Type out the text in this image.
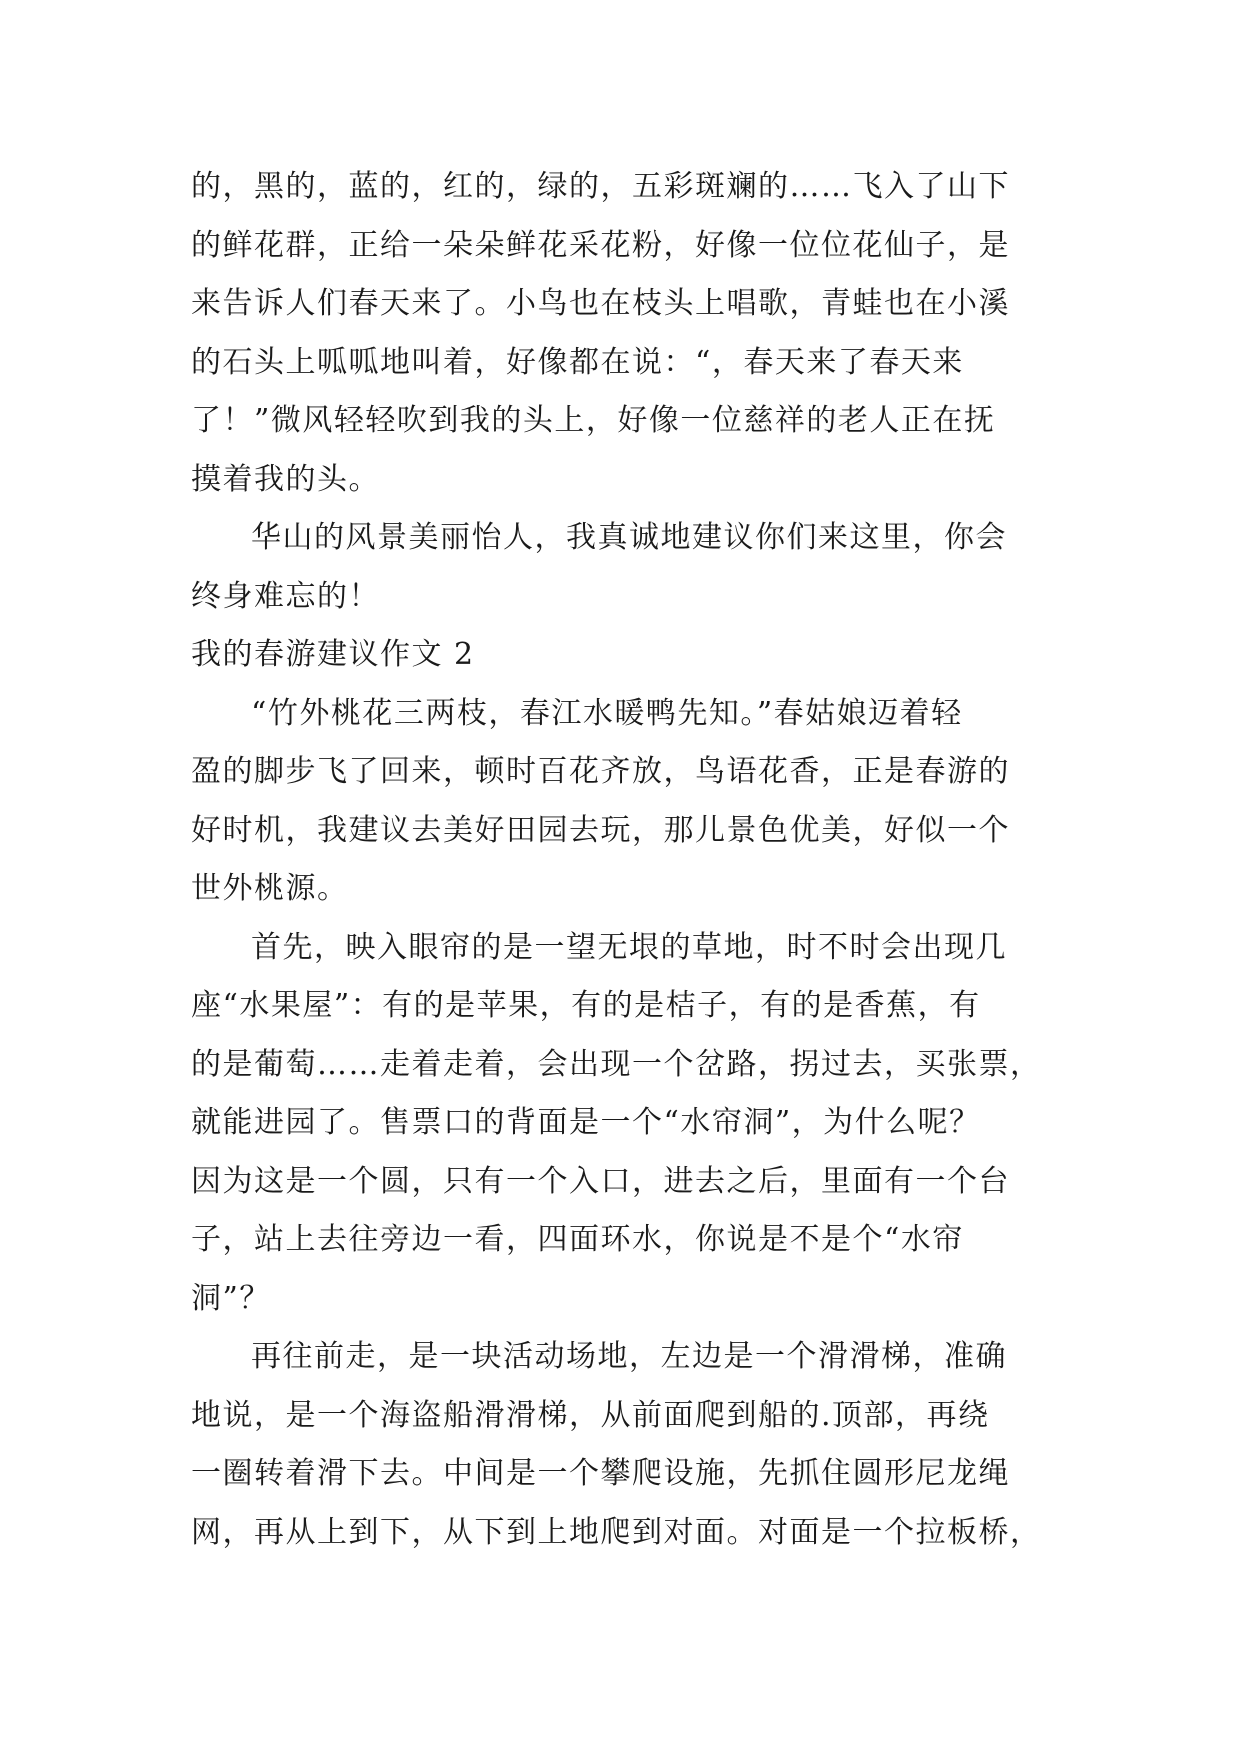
的，黑的，蓝的，红的，绿的，五彩斑斓的……飞入了山下
的鲜花群，正给一朵朵鲜花采花粉，好像一位位花仙子，是
来告诉人们春天来了。小鸟也在枝头上唱歌，青蛙也在小溪
的石头上呱呱地叫着，好像都在说：“，春天来了春天来
了！”微风轻轻吹到我的头上，好像一位慈祥的老人正在抚
摸着我的头。
华山的风景美丽怡人，我真诚地建议你们来这里，你会
终身难忘的！
我的春游建议作文 2
“竹外桃花三两枝，春江水暖鸭先知。”春姑娘迈着轻
盈的脚步飞了回来，顿时百花齐放，鸟语花香，正是春游的
好时机，我建议去美好田园去玩，那儿景色优美，好似一个
世外桃源。
首先，映入眼帘的是一望无垠的草地，时不时会出现几
座“水果屋”：有的是苹果，有的是桔子，有的是香蕉，有
的是葡萄……走着走着，会出现一个岔路，拐过去，买张票，
就能进园了。售票口的背面是一个“水帘洞”，为什么呢？
因为这是一个圆，只有一个入口，进去之后，里面有一个台
子，站上去往旁边一看，四面环水，你说是不是个“水帘
洞”？
再往前走，是一块活动场地，左边是一个滑滑梯，准确
地说，是一个海盗船滑滑梯，从前面爬到船的.顶部，再绕
一圈转着滑下去。中间是一个攀爬设施，先抓住圆形尼龙绳
网，再从上到下，从下到上地爬到对面。对面是一个拉板桥，
